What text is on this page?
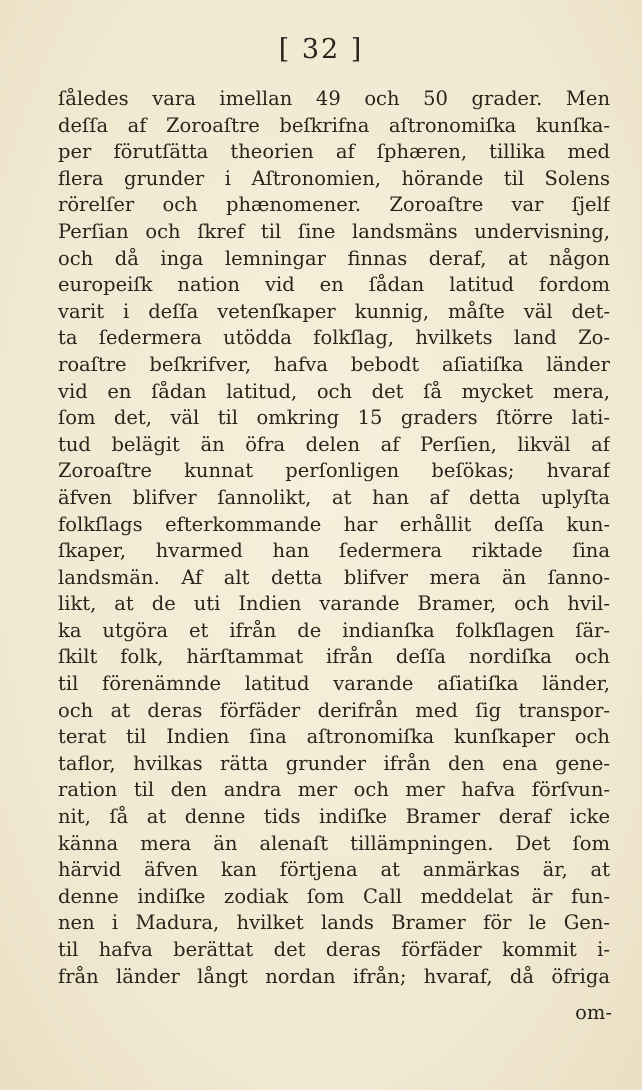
[ 32 ]
ſåledes vara imellan 49 och 50 grader. Men
deſſa af Zoroaſtre beſkrifna aſtronomiſka kunſka-
per förutſätta theorien af ſphæren, tillika med
flera grunder i Aſtronomien, hörande til Solens
rörelſer och phænomener. Zoroaſtre var ſjelf
Perſian och ſkref til ſine landsmäns undervisning,
och då inga lemningar finnas deraf, at någon
europeiſk nation vid en ſådan latitud fordom
varit i deſſa vetenſkaper kunnig, måſte väl det-
ta ſedermera utödda folkſlag, hvilkets land Zo-
roaſtre beſkrifver, hafva bebodt aſiatiſka länder
vid en ſådan latitud, och det ſå mycket mera,
ſom det, väl til omkring 15 graders ſtörre lati-
tud belägit än öfra delen af Perſien, likväl af
Zoroaſtre kunnat perſonligen beſökas; hvaraf
äfven blifver ſannolikt, at han af detta uplyſta
folkſlags efterkommande har erhållit deſſa kun-
ſkaper, hvarmed han ſedermera riktade ſina
landsmän. Af alt detta blifver mera än ſanno-
likt, at de uti Indien varande Bramer, och hvil-
ka utgöra et ifrån de indianſka folkſlagen ſär-
ſkilt folk, härſtammat ifrån deſſa nordiſka och
til förenämnde latitud varande aſiatiſka länder,
och at deras förfäder derifrån med ſig transpor-
terat til Indien ſina aſtronomiſka kunſkaper och
taflor, hvilkas rätta grunder ifrån den ena gene-
ration til den andra mer och mer hafva förſvun-
nit, ſå at denne tids indiſke Bramer deraf icke
känna mera än alenaſt tillämpningen. Det ſom
härvid äfven kan förtjena at anmärkas är, at
denne indiſke zodiak ſom Call meddelat är fun-
nen i Madura, hvilket lands Bramer för le Gen-
til hafva berättat det deras förfäder kommit i-
från länder långt nordan ifrån; hvaraf, då öfriga
om-
